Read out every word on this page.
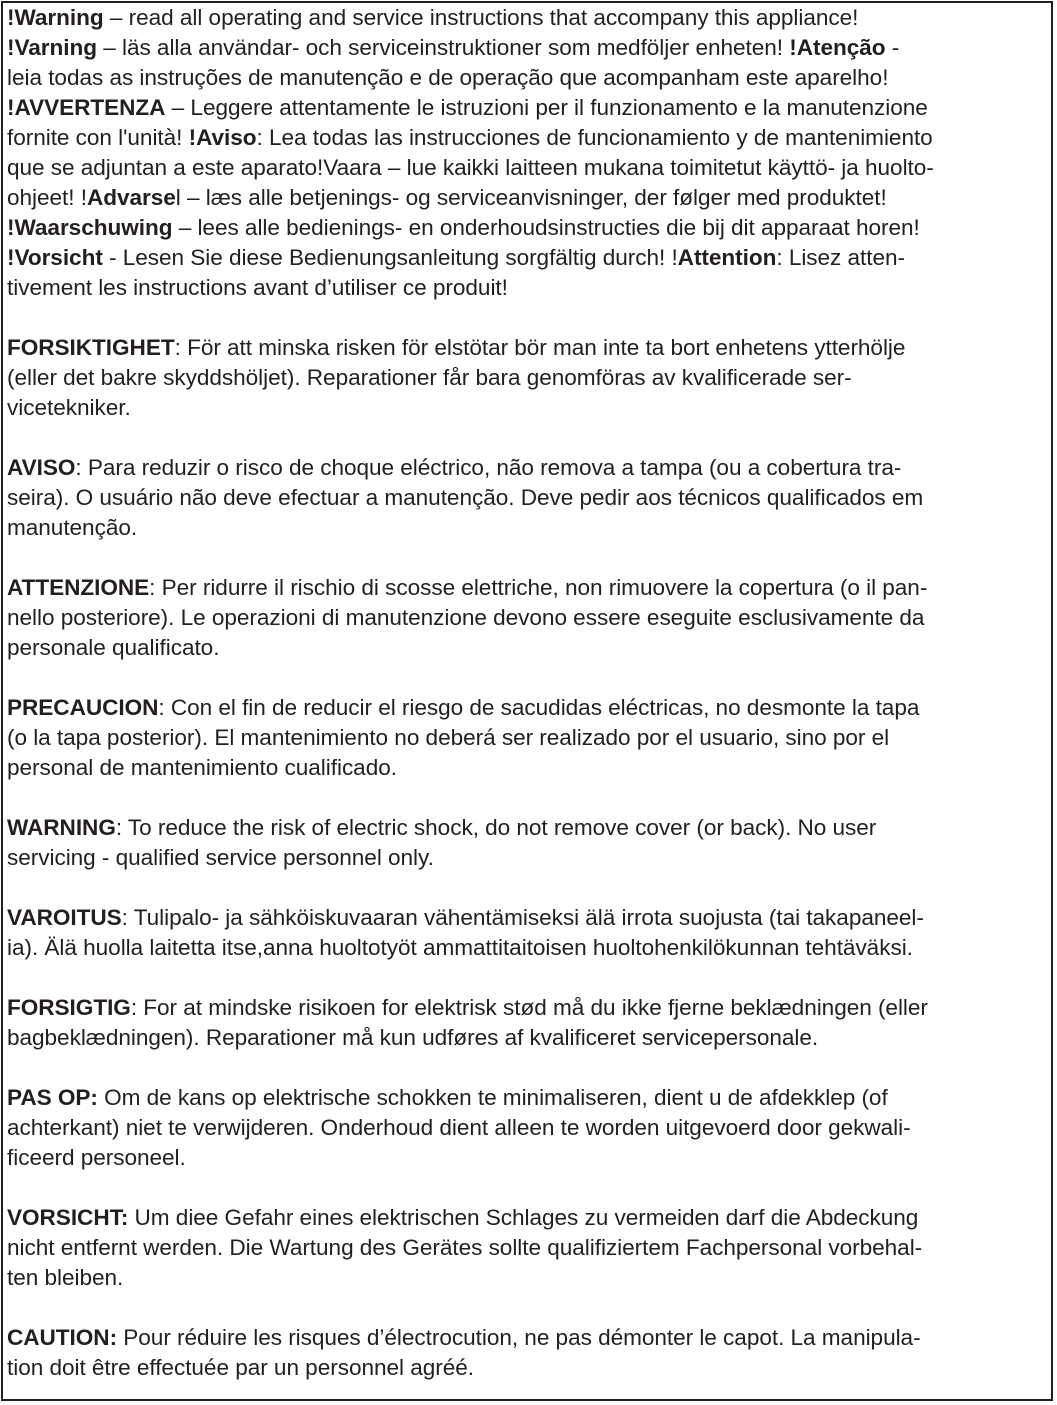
!Warning – read all operating and service instructions that accompany this appliance!
!Varning – läs alla användar- och serviceinstruktioner som medföljer enheten! !Atenção -
leia todas as instruções de manutenção e de operação que acompanham este aparelho!
!AVVERTENZA – Leggere attentamente le istruzioni per il funzionamento e la manutenzione
fornite con l'unità! !Aviso: Lea todas las instrucciones de funcionamiento y de mantenimiento
que se adjuntan a este aparato!Vaara – lue kaikki laitteen mukana toimitetut käyttö- ja huolto-
ohjeet! !Advarsel – læs alle betjenings- og serviceanvisninger, der følger med produktet!
!Waarschuwing – lees alle bedienings- en onderhoudsinstructies die bij dit apparaat horen!
!Vorsicht - Lesen Sie diese Bedienungsanleitung sorgfältig durch! !Attention: Lisez atten-
tivement les instructions avant d’utiliser ce produit!
FORSIKTIGHET: För att minska risken för elstötar bör man inte ta bort enhetens ytterhölje
(eller det bakre skyddshöljet). Reparationer får bara genomföras av kvalificerade ser-
vicetekniker.
AVISO: Para reduzir o risco de choque eléctrico, não remova a tampa (ou a cobertura tra-
seira). O usuário não deve efectuar a manutenção. Deve pedir aos técnicos qualificados em
manutenção.
ATTENZIONE: Per ridurre il rischio di scosse elettriche, non rimuovere la copertura (o il pan-
nello posteriore). Le operazioni di manutenzione devono essere eseguite esclusivamente da
personale qualificato.
PRECAUCION: Con el fin de reducir el riesgo de sacudidas eléctricas, no desmonte la tapa
(o la tapa posterior). El mantenimiento no deberá ser realizado por el usuario, sino por el
personal de mantenimiento cualificado.
WARNING: To reduce the risk of electric shock, do not remove cover (or back). No user
servicing - qualified service personnel only.
VAROITUS: Tulipalo- ja sähköiskuvaaran vähentämiseksi älä irrota suojusta (tai takapaneel-
ia). Älä huolla laitetta itse,anna huoltotyöt ammattitaitoisen huoltohenkilökunnan tehtäväksi.
FORSIGTIG: For at mindske risikoen for elektrisk stød må du ikke fjerne beklædningen (eller
bagbeklædningen). Reparationer må kun udføres af kvalificeret servicepersonale.
PAS OP: Om de kans op elektrische schokken te minimaliseren, dient u de afdekklep (of
achterkant) niet te verwijderen. Onderhoud dient alleen te worden uitgevoerd door gekwali-
ficeerd personeel.
VORSICHT: Um diee Gefahr eines elektrischen Schlages zu vermeiden darf die Abdeckung
nicht entfernt werden. Die Wartung des Gerätes sollte qualifiziertem Fachpersonal vorbehal-
ten bleiben.
CAUTION: Pour réduire les risques d’électrocution, ne pas démonter le capot. La manipula-
tion doit être effectuée par un personnel agréé.
